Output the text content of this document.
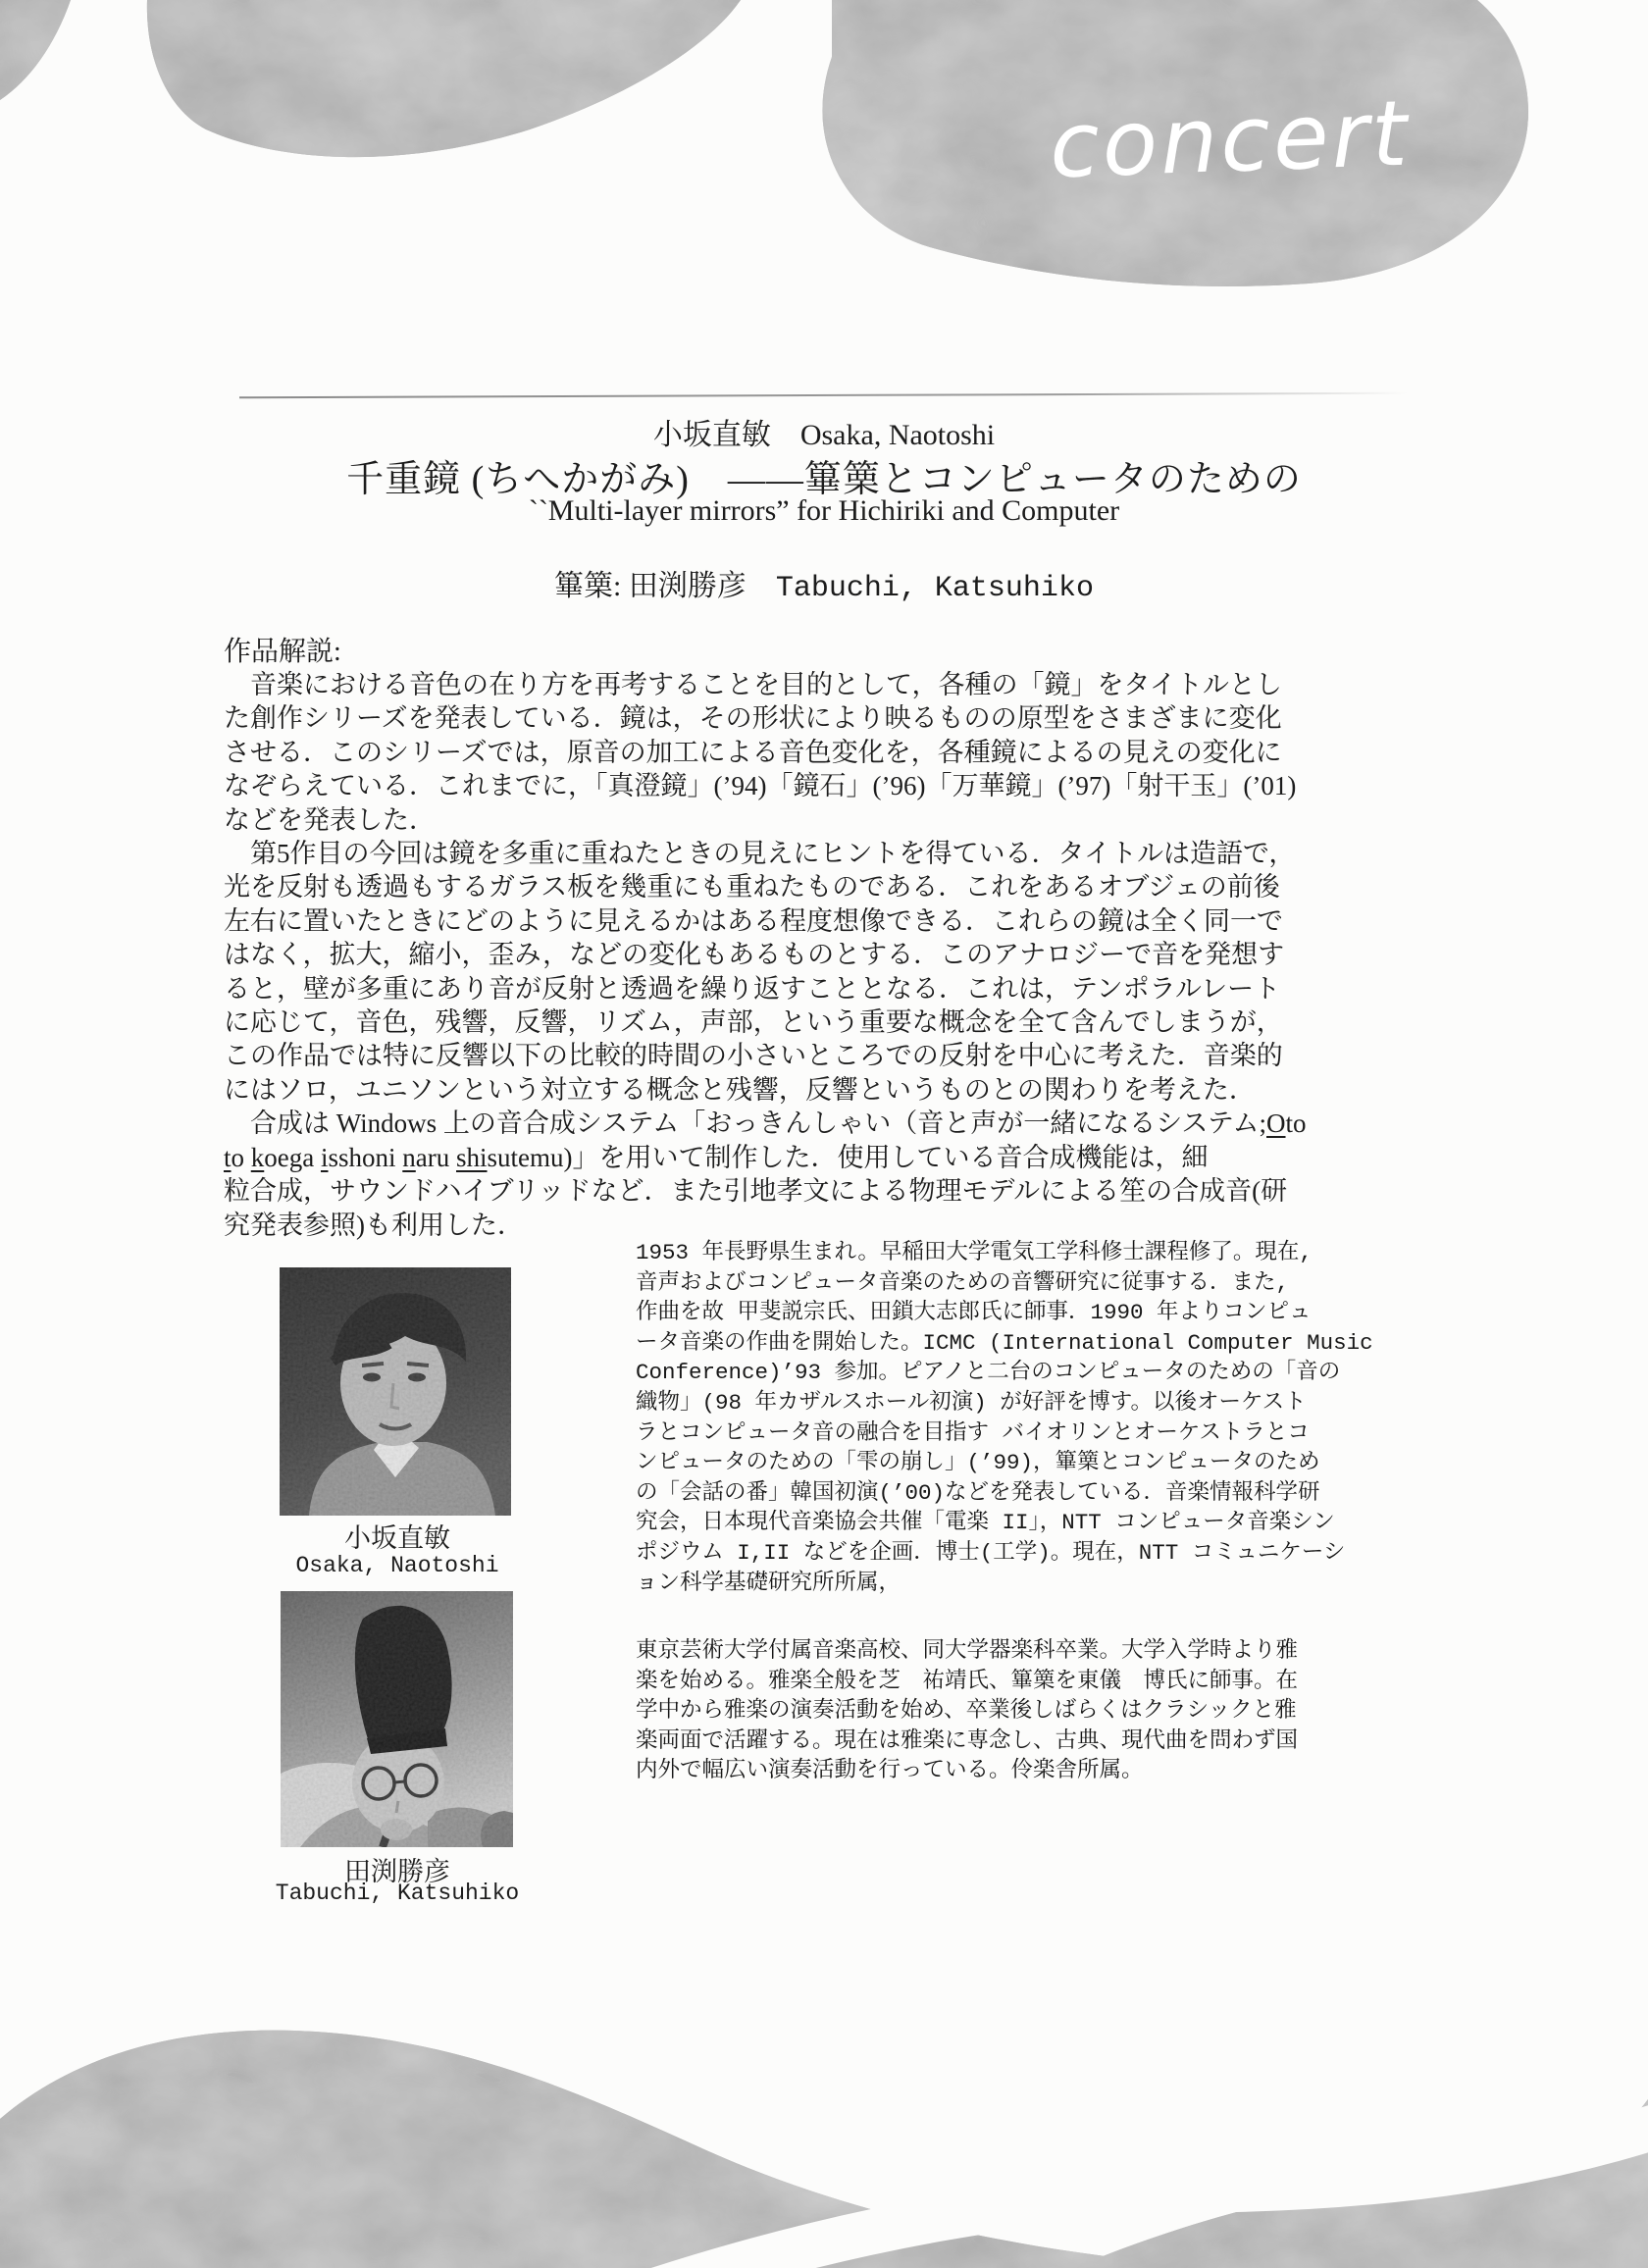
concert
小坂直敏　Osaka, Naotoshi
千重鏡 (ちへかがみ)　——篳篥とコンピュータのための
``Multi-layer mirrors” for Hichiriki and Computer
篳篥: 田渕勝彦　Tabuchi, Katsuhiko
作品解説:
　音楽における音色の在り方を再考することを目的として，各種の「鏡」をタイトルとし
た創作シリーズを発表している．鏡は，その形状により映るものの原型をさまざまに変化
させる．このシリーズでは，原音の加工による音色変化を，各種鏡によるの見えの変化に
なぞらえている．これまでに，「真澄鏡」(’94)「鏡石」(’96)「万華鏡」(’97)「射干玉」(’01)
などを発表した．
　第5作目の今回は鏡を多重に重ねたときの見えにヒントを得ている．タイトルは造語で，
光を反射も透過もするガラス板を幾重にも重ねたものである．これをあるオブジェの前後
左右に置いたときにどのように見えるかはある程度想像できる．これらの鏡は全く同一で
はなく，拡大，縮小，歪み，などの変化もあるものとする．このアナロジーで音を発想す
ると，壁が多重にあり音が反射と透過を繰り返すこととなる．これは，テンポラルレート
に応じて，音色，残響，反響，リズム，声部，という重要な概念を全て含んでしまうが，
この作品では特に反響以下の比較的時間の小さいところでの反射を中心に考えた．音楽的
にはソロ，ユニソンという対立する概念と残響，反響というものとの関わりを考えた．
　合成は Windows 上の音合成システム「おっきんしゃい（音と声が一緒になるシステム;Oto
to koega isshoni naru shisutemu)」を用いて制作した．使用している音合成機能は，細
粒合成，サウンドハイブリッドなど．また引地孝文による物理モデルによる笙の合成音(研
究発表参照)も利用した．
小坂直敏
Osaka, Naotoshi
田渕勝彦
Tabuchi, Katsuhiko
1953 年長野県生まれ。早稲田大学電気工学科修士課程修了。現在,
音声およびコンピュータ音楽のための音響研究に従事する．また,
作曲を故 甲斐説宗氏、田鎖大志郎氏に師事．1990 年よりコンピュ
ータ音楽の作曲を開始した。ICMC (International Computer Music
Conference)’93 参加。ピアノと二台のコンピュータのための「音の
織物」(98 年カザルスホール初演) が好評を博す。以後オーケスト
ラとコンピュータ音の融合を目指す バイオリンとオーケストラとコ
ンピュータのための「雫の崩し」(’99)，篳篥とコンピュータのため
の「会話の番」韓国初演(’00)などを発表している．音楽情報科学研
究会，日本現代音楽協会共催「電楽 II」，NTT コンピュータ音楽シン
ポジウム I,II などを企画．博士(工学)。現在，NTT コミュニケーシ
ョン科学基礎研究所所属，
東京芸術大学付属音楽高校、同大学器楽科卒業。大学入学時より雅
楽を始める。雅楽全般を芝　祐靖氏、篳篥を東儀　博氏に師事。在
学中から雅楽の演奏活動を始め、卒業後しばらくはクラシックと雅
楽両面で活躍する。現在は雅楽に専念し、古典、現代曲を問わず国
内外で幅広い演奏活動を行っている。伶楽舎所属。
